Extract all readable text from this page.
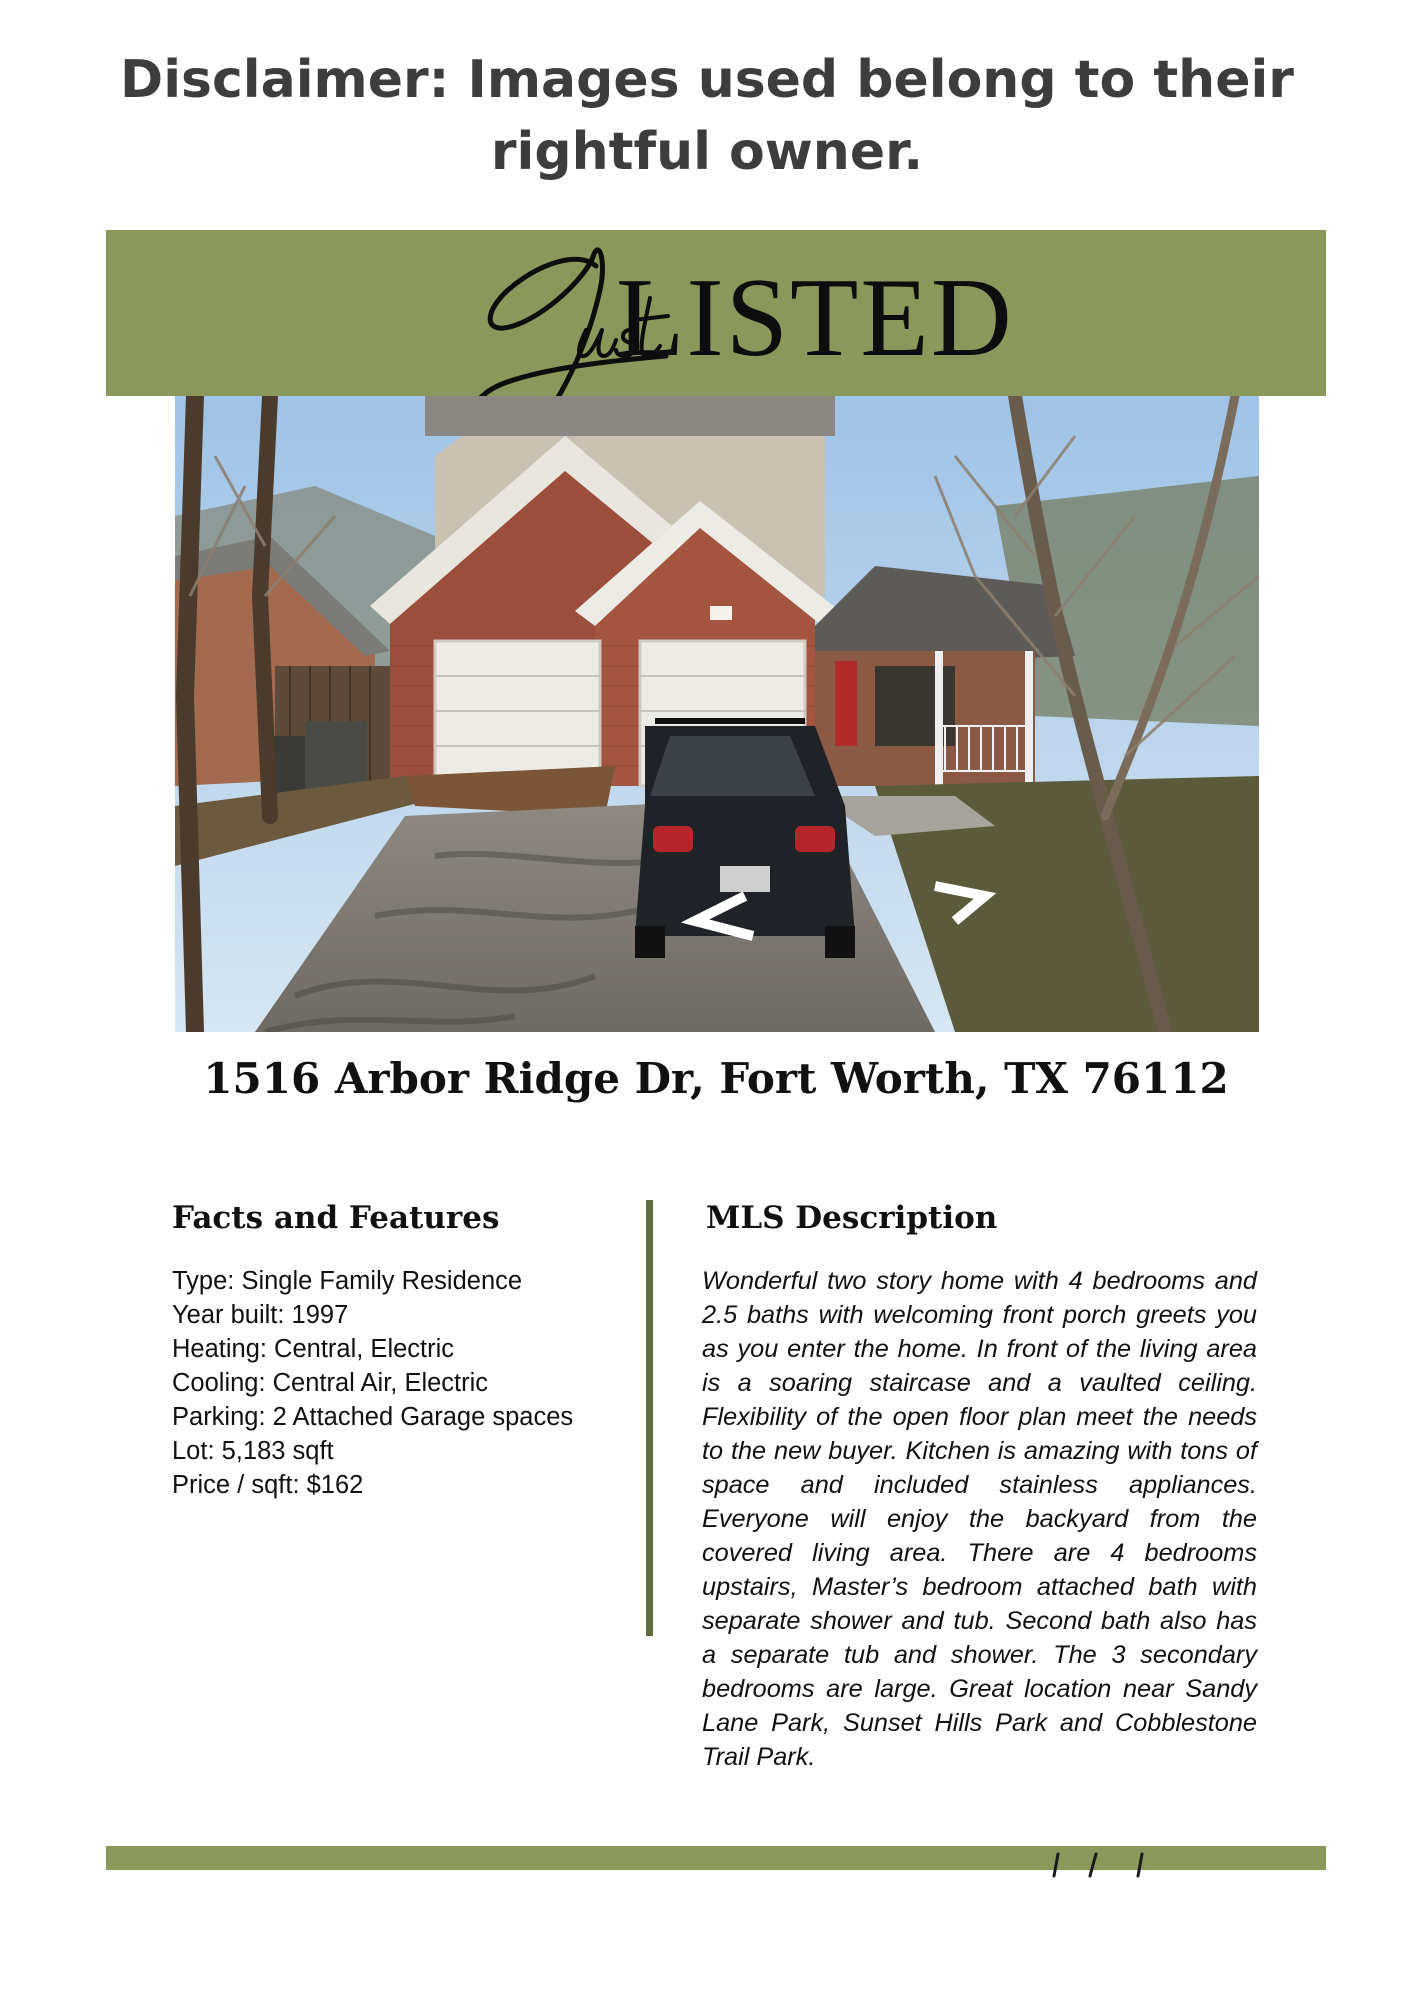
Disclaimer: Images used belong to their rightful owner.
LISTED
1516 Arbor Ridge Dr, Fort Worth, TX 76112
Facts and Features
Type: Single Family Residence
Year built: 1997
Heating: Central, Electric
Cooling: Central Air, Electric
Parking: 2 Attached Garage spaces
Lot: 5,183 sqft
Price / sqft: $162
MLS Description

Wonderful two story home with 4 bedrooms and 2.5 baths with welcoming front porch greets you as you enter the home. In front of the living area is a soaring staircase and a vaulted ceiling. Flexibility of the open floor plan meet the needs to the new buyer. Kitchen is amazing with tons of space and included stainless appliances. Everyone will enjoy the backyard from the covered living area. There are 4 bedrooms upstairs, Master’s bedroom attached bath with separate shower and tub. Second bath also has a separate tub and shower. The 3 secondary bedrooms are large. Great location near Sandy Lane Park, Sunset Hills Park and Cobblestone Trail Park.
